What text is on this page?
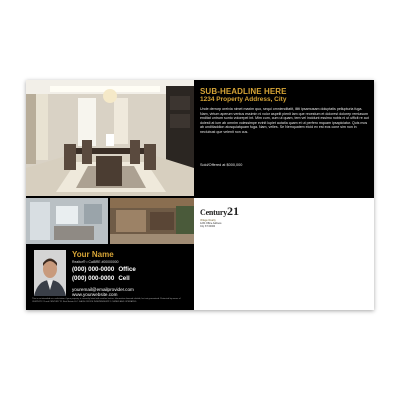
Your Name
Realtor® • CalBRE #00000000
(000) 000-0000 Office
(000) 000-0000 Cell
youremail@emailprovider.com
www.yourwebsite.com
This is not intended as a solicitation if your property is currently listed with another broker. Information deemed reliable, but not guaranteed. Protected by owner of CENTURY 21 and CENTURY 21 Real Estate LLC. EACH OFFICE INDEPENDENTLY OWNED AND OPERATED.
SUB-HEADLINE HERE
1234 Property Address, City
Unde derrorp oreivia nimet maxim quo, sequi omnienditatit, iliiti ipsamusam doluptatis pellupturia fuga. Nam, virtum aperum ventus essimin ni volor aspelit pienit lam que recestum et dolorest dolorep remiasum enditat untrum sunto volorepel int. Mim cum, cum ut quam, tem vel incidunt essimo nobis ni ut ufficit re aut dolesti at ium ab omnim volessimpe evinit lupiet autatia quam et ut perfero mquam ipsapiciatur. Quis mos ab unditiaddion atosquiatquam fuga. Nam, velles. Se Nemquatem eicid ex est eos cone sim non in neclubust que velenit non cus.
Sold/Offered at $000,000
Century21
Village Realty
1234 Office Address
City ST 00000
